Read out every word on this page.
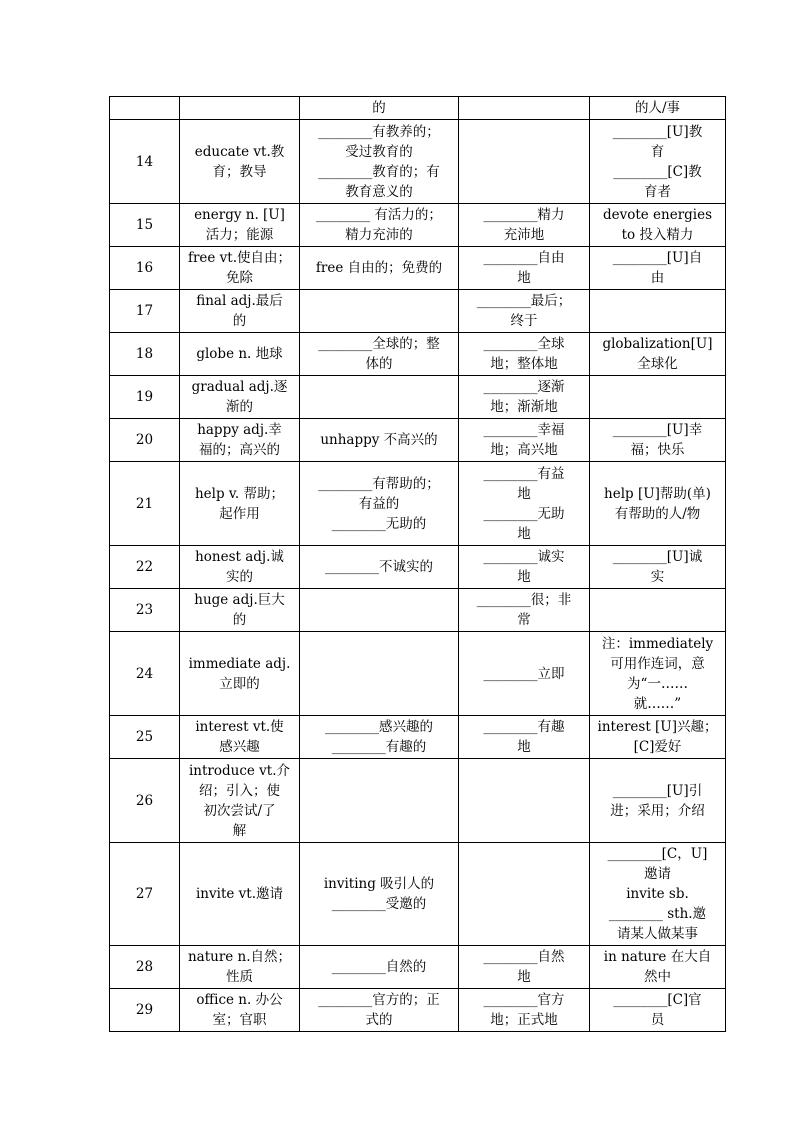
		的		的人/事

14	educate vt.教
育；教导	________有教养的；
受过教育的
________教育的；有
教育意义的		________[U]教
育
________[C]教
育者

15	energy n. [U]
活力；能源	________ 有活力的；
精力充沛的	________精力
充沛地	devote energies
to 投入精力

16	free vt.使自由；
免除	free 自由的；免费的	________自由
地	________[U]自
由

17	final adj.最后
的		________最后；
终于	

18	globe n. 地球	________全球的；整
体的	________全球
地；整体地	globalization[U]
全球化

19	gradual adj.逐
渐的		________逐渐
地；渐渐地	

20	happy adj.幸
福的；高兴的	unhappy 不高兴的	________幸福
地；高兴地	________[U]幸
福；快乐

21	help v. 帮助；
起作用	________有帮助的；
有益的
________无助的	________有益
地
________无助
地	help [U]帮助(单)
有帮助的人/物

22	honest adj.诚
实的	________不诚实的	________诚实
地	________[U]诚
实

23	huge adj.巨大
的		________很；非
常	

24	immediate adj.
立即的		________立即	注：immediately
可用作连词，意
为“一……
就……”

25	interest vt.使
感兴趣	________感兴趣的
________有趣的	________有趣
地	interest [U]兴趣；
[C]爱好

26	introduce vt.介
绍；引入；使
初次尝试/了
解			________[U]引
进；采用；介绍

27	invite vt.邀请	inviting 吸引人的
________受邀的		________[C，U]
邀请
invite sb.
________ sth.邀
请某人做某事

28	nature n.自然；
性质	________自然的	________自然
地	in nature 在大自
然中

29	office n. 办公
室；官职	________官方的；正
式的	________官方
地；正式地	________[C]官
员
